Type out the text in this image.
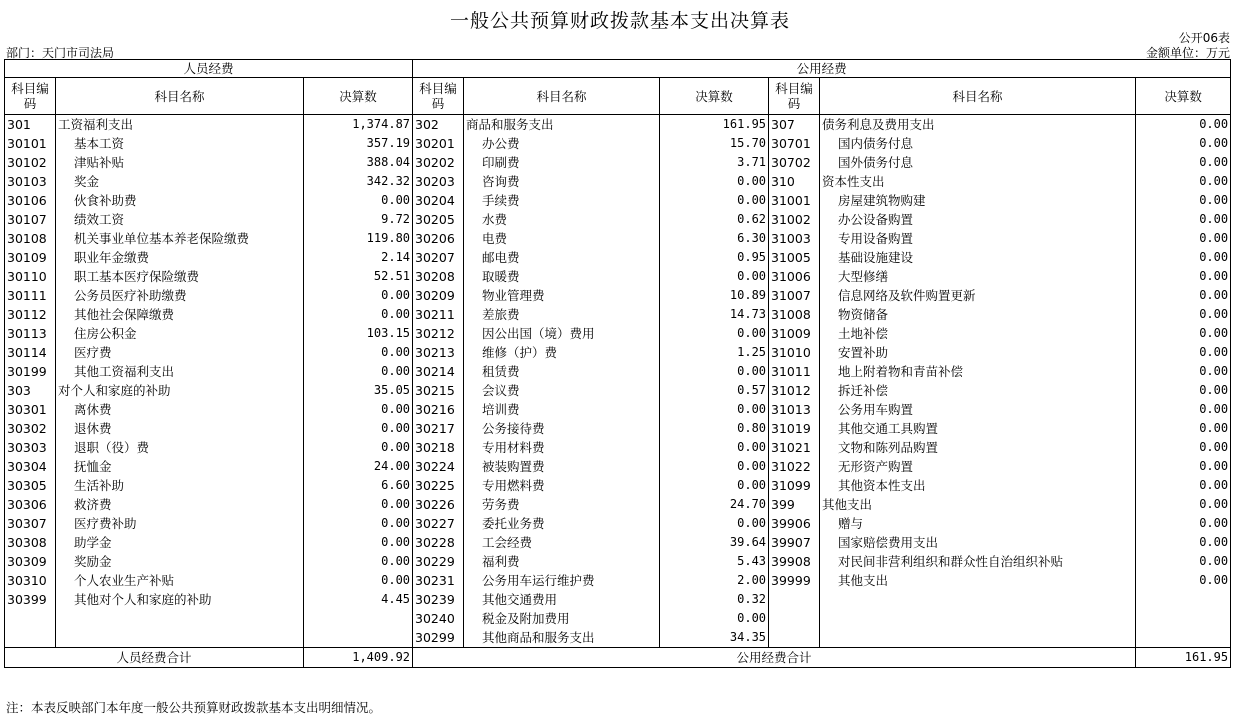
一般公共预算财政拨款基本支出决算表
公开06表
部门：天门市司法局	金额单位：万元
人员经费			公用经费					
科目编码	科目名称	决算数	科目编码	科目名称	决算数	科目编码	科目名称	决算数
301	工资福利支出	1,374.87	302	商品和服务支出	161.95	307	债务利息及费用支出	0.00
30101	基本工资	357.19	30201	办公费	15.70	30701	国内债务付息	0.00
30102	津贴补贴	388.04	30202	印刷费	3.71	30702	国外债务付息	0.00
30103	奖金	342.32	30203	咨询费	0.00	310	资本性支出	0.00
30106	伙食补助费	0.00	30204	手续费	0.00	31001	房屋建筑物购建	0.00
30107	绩效工资	9.72	30205	水费	0.62	31002	办公设备购置	0.00
30108	机关事业单位基本养老保险缴费	119.80	30206	电费	6.30	31003	专用设备购置	0.00
30109	职业年金缴费	2.14	30207	邮电费	0.95	31005	基础设施建设	0.00
30110	职工基本医疗保险缴费	52.51	30208	取暖费	0.00	31006	大型修缮	0.00
30111	公务员医疗补助缴费	0.00	30209	物业管理费	10.89	31007	信息网络及软件购置更新	0.00
30112	其他社会保障缴费	0.00	30211	差旅费	14.73	31008	物资储备	0.00
30113	住房公积金	103.15	30212	因公出国（境）费用	0.00	31009	土地补偿	0.00
30114	医疗费	0.00	30213	维修（护）费	1.25	31010	安置补助	0.00
30199	其他工资福利支出	0.00	30214	租赁费	0.00	31011	地上附着物和青苗补偿	0.00
303	对个人和家庭的补助	35.05	30215	会议费	0.57	31012	拆迁补偿	0.00
30301	离休费	0.00	30216	培训费	0.00	31013	公务用车购置	0.00
30302	退休费	0.00	30217	公务接待费	0.80	31019	其他交通工具购置	0.00
30303	退职（役）费	0.00	30218	专用材料费	0.00	31021	文物和陈列品购置	0.00
30304	抚恤金	24.00	30224	被装购置费	0.00	31022	无形资产购置	0.00
30305	生活补助	6.60	30225	专用燃料费	0.00	31099	其他资本性支出	0.00
30306	救济费	0.00	30226	劳务费	24.70	399	其他支出	0.00
30307	医疗费补助	0.00	30227	委托业务费	0.00	39906	赠与	0.00
30308	助学金	0.00	30228	工会经费	39.64	39907	国家赔偿费用支出	0.00
30309	奖励金	0.00	30229	福利费	5.43	39908	对民间非营利组织和群众性自治组织补贴	0.00
30310	个人农业生产补贴	0.00	30231	公务用车运行维护费	2.00	39999	其他支出	0.00
30399	其他对个人和家庭的补助	4.45	30239	其他交通费用	0.32			
			30240	税金及附加费用	0.00			
			30299	其他商品和服务支出	34.35			
人员经费合计		1,409.92	公用经费合计					161.95
注：本表反映部门本年度一般公共预算财政拨款基本支出明细情况。
